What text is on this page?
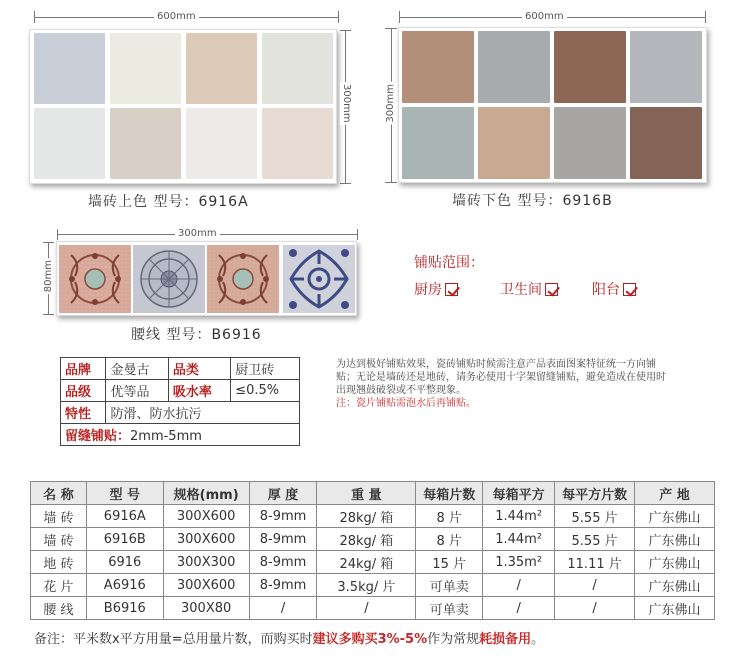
600mm
300mm
墙砖上色 型号：6916A
600mm
300mm
墙砖下色 型号：6916B
300mm
80mm
腰线 型号：B6916
铺贴范围：
厨房	卫生间	阳台
品牌	金曼古	品类	厨卫砖
品级	优等品	吸水率	≤0.5%
特性	防滑、防水抗污		
留缝铺贴：2mm-5mm			
为达到极好铺贴效果，瓷砖铺贴时候需注意产品表面图案特征统一方向铺贴；无论是墙砖还是地砖，请务必使用十字架留缝铺贴，避免造成在使用时出现翘鼓破裂或不平整现象。
注：瓷片铺贴需泡水后再铺贴。
名 称	型 号	规格(mm)	厚 度	重 量	每箱片数	每箱平方	每平方片数	产 地
墙 砖	6916A	300X600	8-9mm	28kg/ 箱	8 片	1.44m²	5.55 片	广东佛山
墙 砖	6916B	300X600	8-9mm	28kg/ 箱	8 片	1.44m²	5.55 片	广东佛山
地 砖	6916	300X300	8-9mm	24kg/ 箱	15 片	1.35m²	11.11 片	广东佛山
花 片	A6916	300X600	8-9mm	3.5kg/ 片	可单卖	/	/	广东佛山
腰 线	B6916	300X80	/	/	可单卖	/	/	广东佛山
备注：平米数x平方用量=总用量片数，而购买时建议多购买3%-5%作为常规耗损备用。
